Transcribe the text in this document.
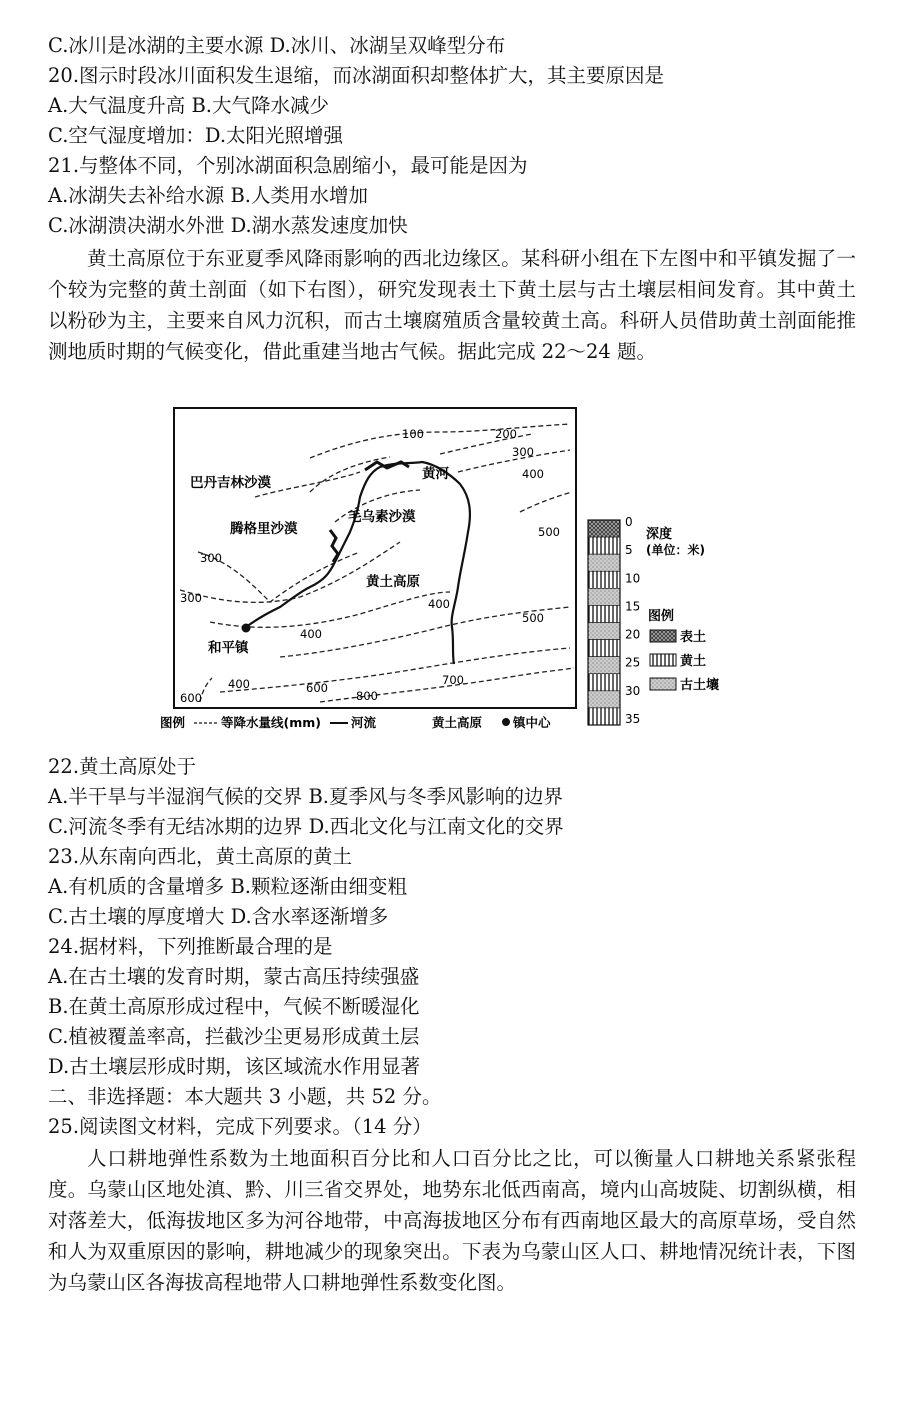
C.冰川是冰湖的主要水源 D.冰川、冰湖呈双峰型分布
20.图示时段冰川面积发生退缩，而冰湖面积却整体扩大，其主要原因是
A.大气温度升高 B.大气降水减少
C.空气湿度增加：D.太阳光照增强
21.与整体不同，个别冰湖面积急剧缩小，最可能是因为
A.冰湖失去补给水源 B.人类用水增加
C.冰湖溃决湖水外泄 D.湖水蒸发速度加快
黄土高原位于东亚夏季风降雨影响的西北边缘区。某科研小组在下左图中和平镇发掘了一个较为完整的黄土剖面（如下右图），研究发现表土下黄土层与古土壤层相间发育。其中黄土以粉砂为主，主要来自风力沉积，而古土壤腐殖质含量较黄土高。科研人员借助黄土剖面能推测地质时期的气候变化，借此重建当地古气候。据此完成 22～24 题。
巴丹吉林沙漠
腾格里沙漠
毛乌素沙漠
黄河
黄土高原
和平镇
100	200
300
400
300
300
400
400
500
400
600
700
800
600
500
图例	等降水量线(mm) 河流	黄土高原 镇中心
0
5
10
15
20
25
30
35
深度
(单位：米)
图例
表土
黄土
古土壤
22.黄土高原处于
A.半干旱与半湿润气候的交界 B.夏季风与冬季风影响的边界
C.河流冬季有无结冰期的边界 D.西北文化与江南文化的交界
23.从东南向西北，黄土高原的黄土
A.有机质的含量增多 B.颗粒逐渐由细变粗
C.古土壤的厚度增大 D.含水率逐渐增多
24.据材料，下列推断最合理的是
A.在古土壤的发育时期，蒙古高压持续强盛
B.在黄土高原形成过程中，气候不断暖湿化
C.植被覆盖率高，拦截沙尘更易形成黄土层
D.古土壤层形成时期，该区域流水作用显著
二、非选择题：本大题共 3 小题，共 52 分。
25.阅读图文材料，完成下列要求。（14 分）
人口耕地弹性系数为土地面积百分比和人口百分比之比，可以衡量人口耕地关系紧张程度。乌蒙山区地处滇、黔、川三省交界处，地势东北低西南高，境内山高坡陡、切割纵横，相对落差大，低海拔地区多为河谷地带，中高海拔地区分布有西南地区最大的高原草场，受自然和人为双重原因的影响，耕地减少的现象突出。下表为乌蒙山区人口、耕地情况统计表，下图为乌蒙山区各海拔高程地带人口耕地弹性系数变化图。
